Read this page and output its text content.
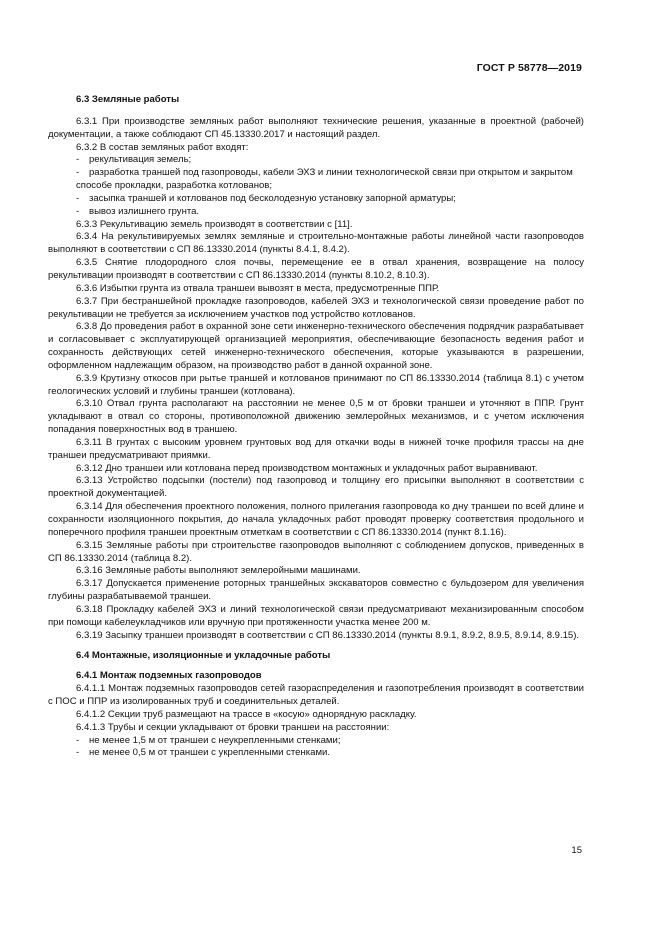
ГОСТ Р 58778—2019
6.3 Земляные работы
6.3.1 При производстве земляных работ выполняют технические решения, указанные в проектной (рабочей) документации, а также соблюдают СП 45.13330.2017 и настоящий раздел.
6.3.2 В состав земляных работ входят:
- рекультивация земель;
- разработка траншей под газопроводы, кабели ЭХЗ и линии технологической связи при открытом и закрытом способе прокладки, разработка котлованов;
- засыпка траншей и котлованов под бесколодезную установку запорной арматуры;
- вывоз излишнего грунта.
6.3.3 Рекультивацию земель производят в соответствии с [11].
6.3.4 На рекультивируемых землях земляные и строительно-монтажные работы линейной части газопроводов выполняют в соответствии с СП 86.13330.2014 (пункты 8.4.1, 8.4.2).
6.3.5 Снятие плодородного слоя почвы, перемещение ее в отвал хранения, возвращение на полосу рекультивации производят в соответствии с СП 86.13330.2014 (пункты 8.10.2, 8.10.3).
6.3.6 Избытки грунта из отвала траншеи вывозят в места, предусмотренные ППР.
6.3.7 При бестраншейной прокладке газопроводов, кабелей ЭХЗ и технологической связи проведение работ по рекультивации не требуется за исключением участков под устройство котлованов.
6.3.8 До проведения работ в охранной зоне сети инженерно-технического обеспечения подрядчик разрабатывает и согласовывает с эксплуатирующей организацией мероприятия, обеспечивающие безопасность ведения работ и сохранность действующих сетей инженерно-технического обеспечения, которые указываются в разрешении, оформленном надлежащим образом, на производство работ в данной охранной зоне.
6.3.9 Крутизну откосов при рытье траншей и котлованов принимают по СП 86.13330.2014 (таблица 8.1) с учетом геологических условий и глубины траншеи (котлована).
6.3.10 Отвал грунта располагают на расстоянии не менее 0,5 м от бровки траншеи и уточняют в ППР. Грунт укладывают в отвал со стороны, противоположной движению землеройных механизмов, и с учетом исключения попадания поверхностных вод в траншею.
6.3.11 В грунтах с высоким уровнем грунтовых вод для откачки воды в нижней точке профиля трассы на дне траншеи предусматривают приямки.
6.3.12 Дно траншеи или котлована перед производством монтажных и укладочных работ выравнивают.
6.3.13 Устройство подсыпки (постели) под газопровод и толщину его присыпки выполняют в соответствии с проектной документацией.
6.3.14 Для обеспечения проектного положения, полного прилегания газопровода ко дну траншеи по всей длине и сохранности изоляционного покрытия, до начала укладочных работ проводят проверку соответствия продольного и поперечного профиля траншеи проектным отметкам в соответствии с СП 86.13330.2014 (пункт 8.1.16).
6.3.15 Земляные работы при строительстве газопроводов выполняют с соблюдением допусков, приведенных в СП 86.13330.2014 (таблица 8.2).
6.3.16 Земляные работы выполняют землеройными машинами.
6.3.17 Допускается применение роторных траншейных экскаваторов совместно с бульдозером для увеличения глубины разрабатываемой траншеи.
6.3.18 Прокладку кабелей ЭХЗ и линий технологической связи предусматривают механизированным способом при помощи кабелеукладчиков или вручную при протяженности участка менее 200 м.
6.3.19 Засыпку траншеи производят в соответствии с СП 86.13330.2014 (пункты 8.9.1, 8.9.2, 8.9.5, 8.9.14, 8.9.15).
6.4 Монтажные, изоляционные и укладочные работы
6.4.1 Монтаж подземных газопроводов
6.4.1.1 Монтаж подземных газопроводов сетей газораспределения и газопотребления производят в соответствии с ПОС и ППР из изолированных труб и соединительных деталей.
6.4.1.2 Секции труб размещают на трассе в «косую» однорядную раскладку.
6.4.1.3 Трубы и секции укладывают от бровки траншеи на расстоянии:
- не менее 1,5 м от траншеи с неукрепленными стенками;
- не менее 0,5 м от траншеи с укрепленными стенками.
15
